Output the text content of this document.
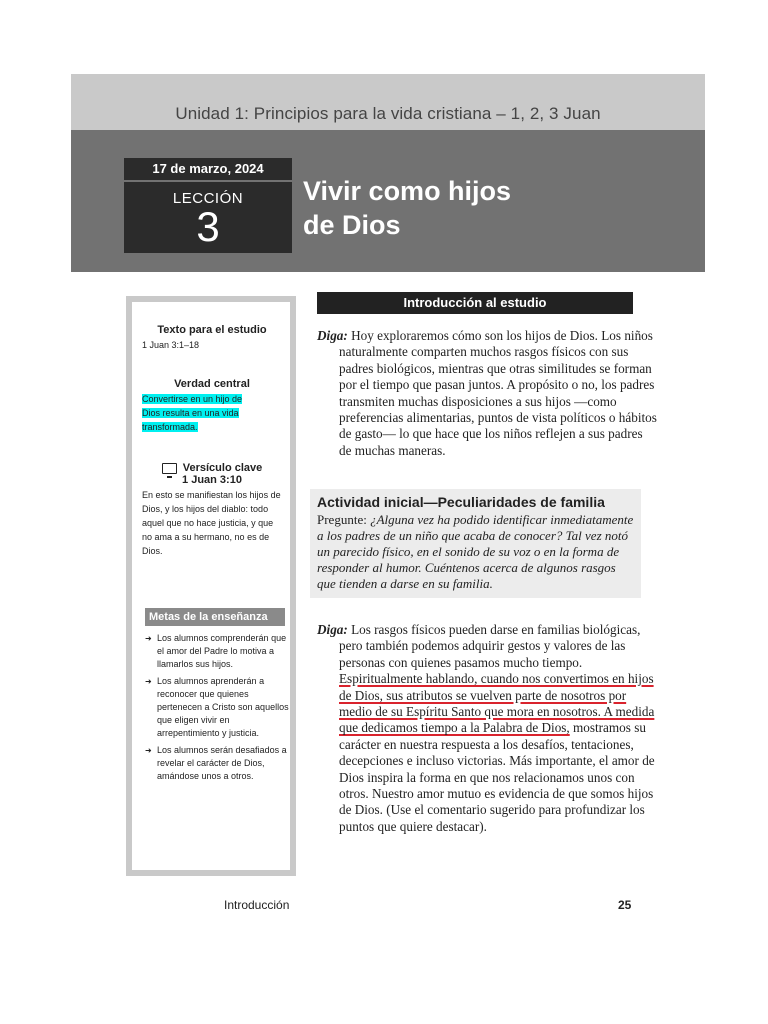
Unidad 1: Principios para la vida cristiana – 1, 2, 3 Juan
17 de marzo, 2024
LECCIÓN
3
Vivir como hijos
de Dios
Texto para el estudio
1 Juan 3:1–18
Verdad central
Convertirse en un hijo de Dios resulta en una vida transformada.
Versículo clave
1 Juan 3:10
En esto se manifiestan los hijos de Dios, y los hijos del diablo: todo aquel que no hace justicia, y que no ama a su hermano, no es de Dios.
Metas de la enseñanza
➜ Los alumnos comprenderán que el amor del Padre lo motiva a llamarlos sus hijos.
➜ Los alumnos aprenderán a reconocer que quienes pertenecen a Cristo son aquellos que eligen vivir en arrepentimiento y justicia.
➜ Los alumnos serán desafiados a revelar el carácter de Dios, amándose unos a otros.
Introducción al estudio
Diga: Hoy exploraremos cómo son los hijos de Dios. Los niños naturalmente comparten muchos rasgos físicos con sus padres biológicos, mientras que otras similitudes se forman por el tiempo que pasan juntos. A propósito o no, los padres transmiten muchas disposiciones a sus hijos —como preferencias alimentarias, puntos de vista políticos o hábitos de gasto— lo que hace que los niños reflejen a sus padres de muchas maneras.
Actividad inicial—Peculiaridades de familia
Pregunte: ¿Alguna vez ha podido identificar inmediatamente a los padres de un niño que acaba de conocer? Tal vez notó un parecido físico, en el sonido de su voz o en la forma de responder al humor. Cuéntenos acerca de algunos rasgos que tienden a darse en su familia.
Diga: Los rasgos físicos pueden darse en familias biológicas, pero también podemos adquirir gestos y valores de las personas con quienes pasamos mucho tiempo. Espiritualmente hablando, cuando nos convertimos en hijos de Dios, sus atributos se vuelven parte de nosotros por medio de su Espíritu Santo que mora en nosotros. A medida que dedicamos tiempo a la Palabra de Dios, mostramos su carácter en nuestra respuesta a los desafíos, tentaciones, decepciones e incluso victorias. Más importante, el amor de Dios inspira la forma en que nos relacionamos unos con otros. Nuestro amor mutuo es evidencia de que somos hijos de Dios. (Use el comentario sugerido para profundizar los puntos que quiere destacar).
Introducción	25
